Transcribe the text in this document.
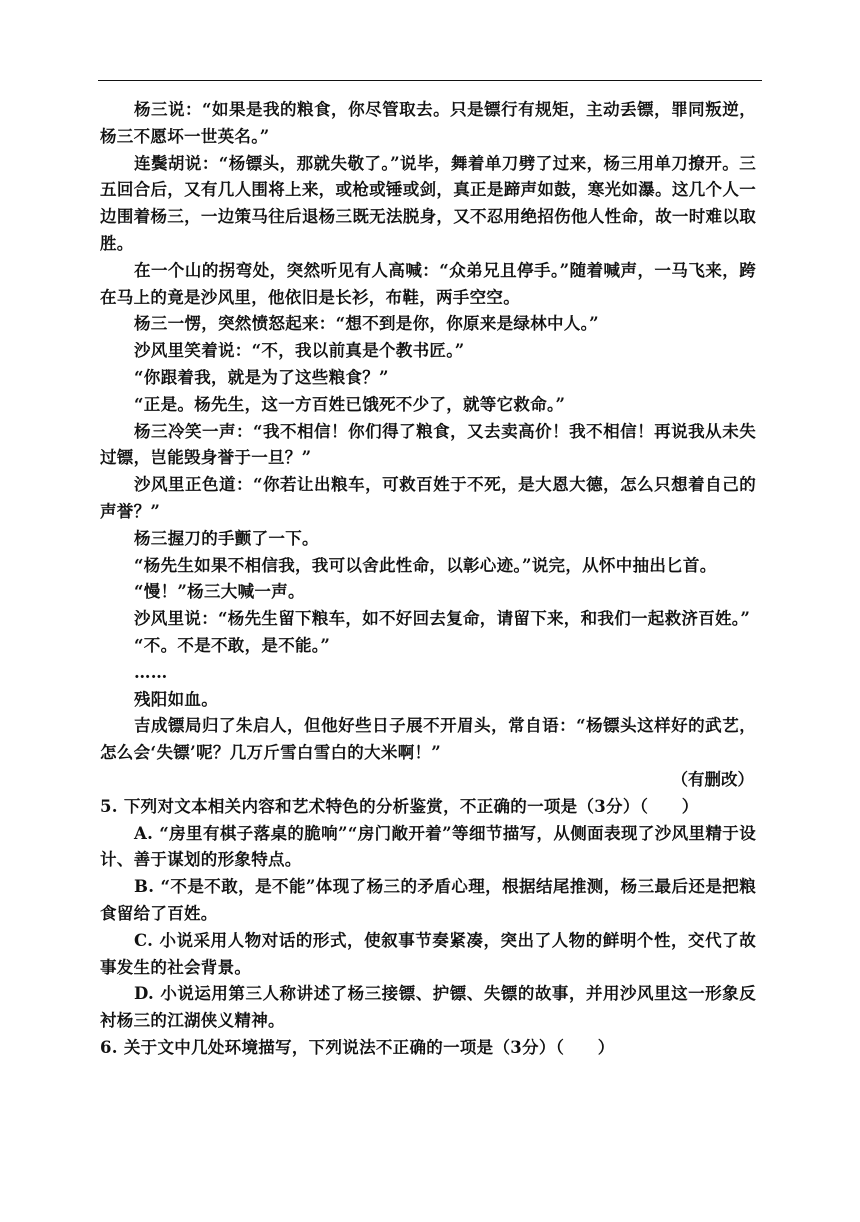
杨三说：“如果是我的粮食，你尽管取去。只是镖行有规矩，主动丢镖，罪同叛逆，杨三不愿坏一世英名。”

连鬓胡说：“杨镖头，那就失敬了。”说毕，舞着单刀劈了过来，杨三用单刀撩开。三五回合后，又有几人围将上来，或枪或锤或剑，真正是蹄声如鼓，寒光如瀑。这几个人一边围着杨三，一边策马往后退杨三既无法脱身，又不忍用绝招伤他人性命，故一时难以取胜。

在一个山的拐弯处，突然听见有人高喊：“众弟兄且停手。”随着喊声，一马飞来，跨在马上的竟是沙风里，他依旧是长衫，布鞋，两手空空。

杨三一愣，突然愤怒起来：“想不到是你，你原来是绿林中人。”

沙风里笑着说：“不，我以前真是个教书匠。”

“你跟着我，就是为了这些粮食？”

“正是。杨先生，这一方百姓已饿死不少了，就等它救命。”

杨三冷笑一声：“我不相信！你们得了粮食，又去卖高价！我不相信！再说我从未失过镖，岂能毁身誉于一旦？”

沙风里正色道：“你若让出粮车，可救百姓于不死，是大恩大德，怎么只想着自己的声誉？”

杨三握刀的手颤了一下。

“杨先生如果不相信我，我可以舍此性命，以彰心迹。”说完，从怀中抽出匕首。

“慢！”杨三大喊一声。

沙风里说：“杨先生留下粮车，如不好回去复命，请留下来，和我们一起救济百姓。”

“不。不是不敢，是不能。”

……

残阳如血。

吉成镖局归了朱启人，但他好些日子展不开眉头，常自语：“杨镖头这样好的武艺，怎么会‘失镖’呢？几万斤雪白雪白的大米啊！”

（有删改）

5. 下列对文本相关内容和艺术特色的分析鉴赏，不正确的一项是（3分）（　　）

A. “房里有棋子落桌的脆响”“房门敞开着”等细节描写，从侧面表现了沙风里精于设计、善于谋划的形象特点。

B. “不是不敢，是不能”体现了杨三的矛盾心理，根据结尾推测，杨三最后还是把粮食留给了百姓。

C. 小说采用人物对话的形式，使叙事节奏紧凑，突出了人物的鲜明个性，交代了故事发生的社会背景。

D. 小说运用第三人称讲述了杨三接镖、护镖、失镖的故事，并用沙风里这一形象反衬杨三的江湖侠义精神。

6. 关于文中几处环境描写，下列说法不正确的一项是（3分）（　　）
